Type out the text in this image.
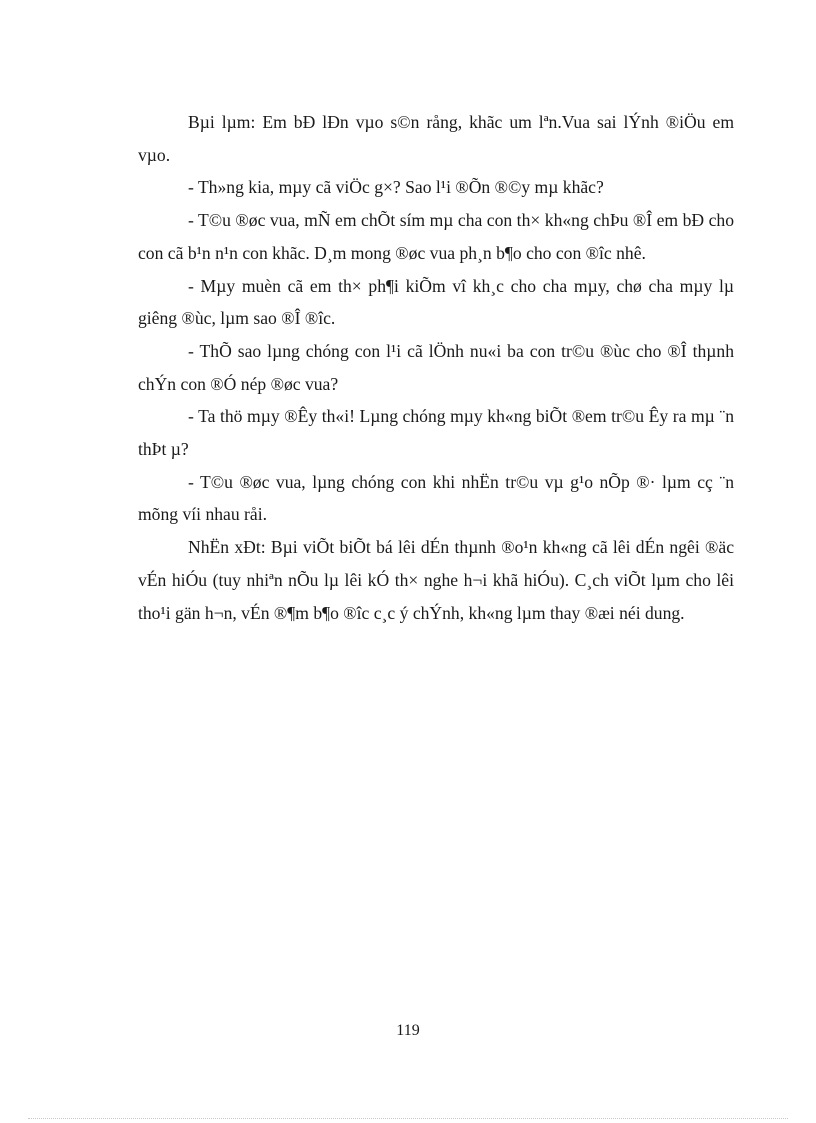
Bµi lµm: Em bÐ lÐn vµo s©n rång, khãc um lªn.Vua sai lÝnh ®iÖu em vµo.

- Th»ng kia, mµy cã viÖc g×? Sao l¹i ®Õn ®©y mµ khãc?

- T©u ®øc vua, mÑ em chÕt sím mµ cha con th× kh«ng chÞu ®Î em bÐ cho con cã b¹n n¹n con khãc. D¸m mong ®øc vua ph¸n b¶o cho con ®îc nhê.

- Mµy muèn cã em th× ph¶i kiÕm vî kh¸c cho cha mµy, chø cha mµy lµ giêng ®ùc, lµm sao ®Î ®îc.

- ThÕ sao lµng chóng con l¹i cã lÖnh nu«i ba con tr©u ®ùc cho ®Î thµnh chÝn con ®Ó nép ®øc vua?

- Ta thö mµy ®Êy th«i! Lµng chóng mµy kh«ng biÕt ®em tr©u Êy ra mµ ¨n thÞt µ?

- T©u ®øc vua, lµng chóng con khi nhËn tr©u vµ g¹o nÕp ®· lµm cç ¨n mõng víi nhau råi.

NhËn xÐt: Bµi viÕt biÕt bá lêi dÉn thµnh ®o¹n kh«ng cã lêi dÉn ngêi ®äc vÉn hiÓu (tuy nhiªn nÕu lµ lêi kÓ th× nghe h¬i khã hiÓu). C¸ch viÕt lµm cho lêi tho¹i gän h¬n, vÉn ®¶m b¶o ®îc c¸c ý chÝnh, kh«ng lµm thay ®æi néi dung.

119
